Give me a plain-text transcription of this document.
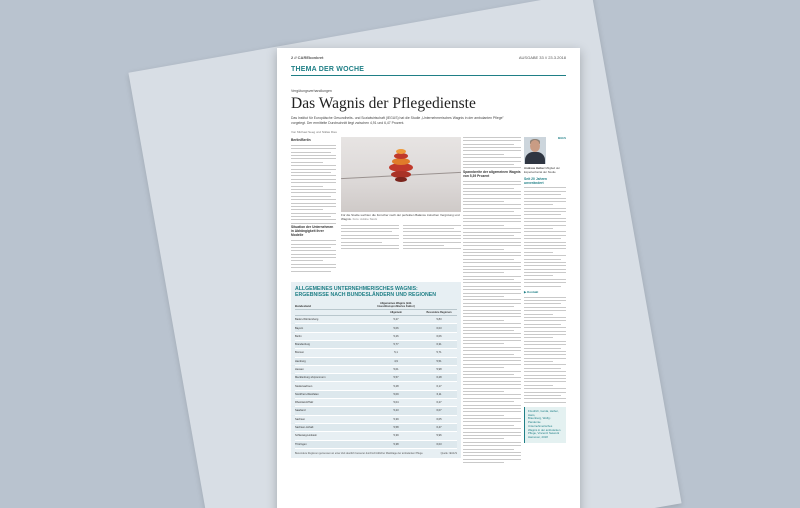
2 // CAREkonkret	AUSGABE 33 // 23.3.2018
THEMA DER WOCHE
Vergütungsverhandlungen
Das Wagnis der Pflegedienste
Das Institut für Europäische Gesundheits- und Sozialwirtschaft (IEGUS) hat die Studie „Unternehmerisches Wagnis in der ambulanten Pflege" vorgelegt. Der ermittelte Durchschnitt liegt zwischen 4,91 und 6,47 Prozent.
Von Michael Seeg und Niklas Ries
Berlin/Berlin
Situation der Unternehmen in Abhängigkeit ihrer Modelle
Für die Studie suchten die Forscher nach der perfekten Balance zwischen Vergütung und Wagnis. Foto: Adobe Stock
Spannbreite der allgemeinen Wagnis von 5,39 Prozent
IEGUS
Andreas Heiber Mitglied der Expertenbeirat der Studie
Seit 20 Jahren unverändert
▶ Kontakt
Friedrich, Gerda, Heiber, Hans,
Braunberg, Wolfg.: Pandemie
Unternehmerisches
Wagnis in der ambulanten
Pflege, Vincentz Network
Hannover, 2018
ALLGEMEINES UNTERNEHMERISCHES WAGNIS:
ERGEBNISSE NACH BUNDESLÄNDERN UND REGIONEN
Bundesland
Allgemeines Wagnis (inkl. Investitionsprofitiertes Faktor)
Allgemein	Besondere Regionen
Baden-Württemberg	5,27	5,83
Bayern	5,06	6,03
Berlin	5,26	6,06
Brandenburg	5,77	6,31
Bremen	5,1	5,71
Hamburg	4,9	5,51
Hessen	5,01	5,98
Mecklenburg-Vorpommern	5,57	6,28
Niedersachsen	5,28	6,17
Nordrhein-Westfalen	5,09	6,11
Rheinland-Pfalz	5,04	6,27
Saarland	5,23	6,07
Sachsen	5,39	6,05
Sachsen-Anhalt	5,58	6,47
Schleswig-Holstein	5,39	5,96
Thüringen	5,38	6,03
Besondere Regionen gemessen an einer Zeit deutlich besserer durchschnittlicher Marktlage der ambulanten Pflege	Quelle: IEGUS
